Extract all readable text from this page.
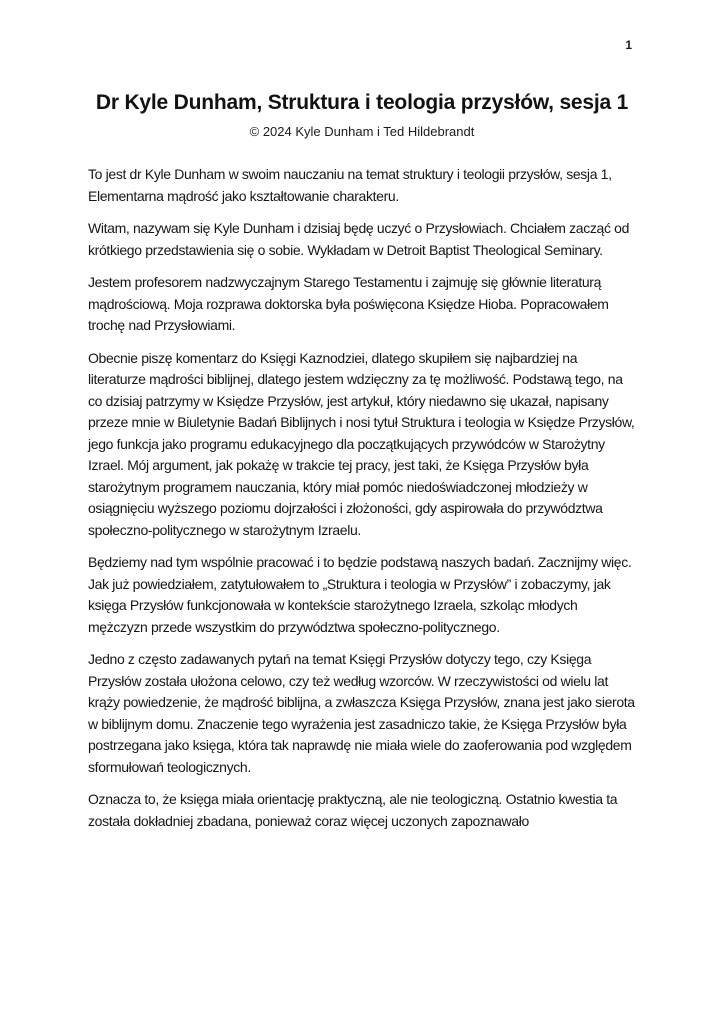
1
Dr Kyle Dunham, Struktura i teologia przysłów, sesja 1
© 2024 Kyle Dunham i Ted Hildebrandt

To jest dr Kyle Dunham w swoim nauczaniu na temat struktury i teologii przysłów, sesja 1, Elementarna mądrość jako kształtowanie charakteru.

Witam, nazywam się Kyle Dunham i dzisiaj będę uczyć o Przysłowiach. Chciałem zacząć od krótkiego przedstawienia się o sobie. Wykładam w Detroit Baptist Theological Seminary.

Jestem profesorem nadzwyczajnym Starego Testamentu i zajmuję się głównie literaturą mądrościową. Moja rozprawa doktorska była poświęcona Księdze Hioba. Popracowałem trochę nad Przysłowiami.

Obecnie piszę komentarz do Księgi Kaznodziei, dlatego skupiłem się najbardziej na literaturze mądrości biblijnej, dlatego jestem wdzięczny za tę możliwość. Podstawą tego, na co dzisiaj patrzymy w Księdze Przysłów, jest artykuł, który niedawno się ukazał, napisany przeze mnie w Biuletynie Badań Biblijnych i nosi tytuł Struktura i teologia w Księdze Przysłów, jego funkcja jako programu edukacyjnego dla początkujących przywódców w Starożytny Izrael. Mój argument, jak pokażę w trakcie tej pracy, jest taki, że Księga Przysłów była starożytnym programem nauczania, który miał pomóc niedoświadczonej młodzieży w osiągnięciu wyższego poziomu dojrzałości i złożoności, gdy aspirowała do przywództwa społeczno-politycznego w starożytnym Izraelu.

Będziemy nad tym wspólnie pracować i to będzie podstawą naszych badań. Zacznijmy więc. Jak już powiedziałem, zatytułowałem to „Struktura i teologia w Przysłów” i zobaczymy, jak księga Przysłów funkcjonowała w kontekście starożytnego Izraela, szkoląc młodych mężczyzn przede wszystkim do przywództwa społeczno-politycznego.

Jedno z często zadawanych pytań na temat Księgi Przysłów dotyczy tego, czy Księga Przysłów została ułożona celowo, czy też według wzorców. W rzeczywistości od wielu lat krąży powiedzenie, że mądrość biblijna, a zwłaszcza Księga Przysłów, znana jest jako sierota w biblijnym domu. Znaczenie tego wyrażenia jest zasadniczo takie, że Księga Przysłów była postrzegana jako księga, która tak naprawdę nie miała wiele do zaoferowania pod względem sformułowań teologicznych.

Oznacza to, że księga miała orientację praktyczną, ale nie teologiczną. Ostatnio kwestia ta została dokładniej zbadana, ponieważ coraz więcej uczonych zapoznawało
